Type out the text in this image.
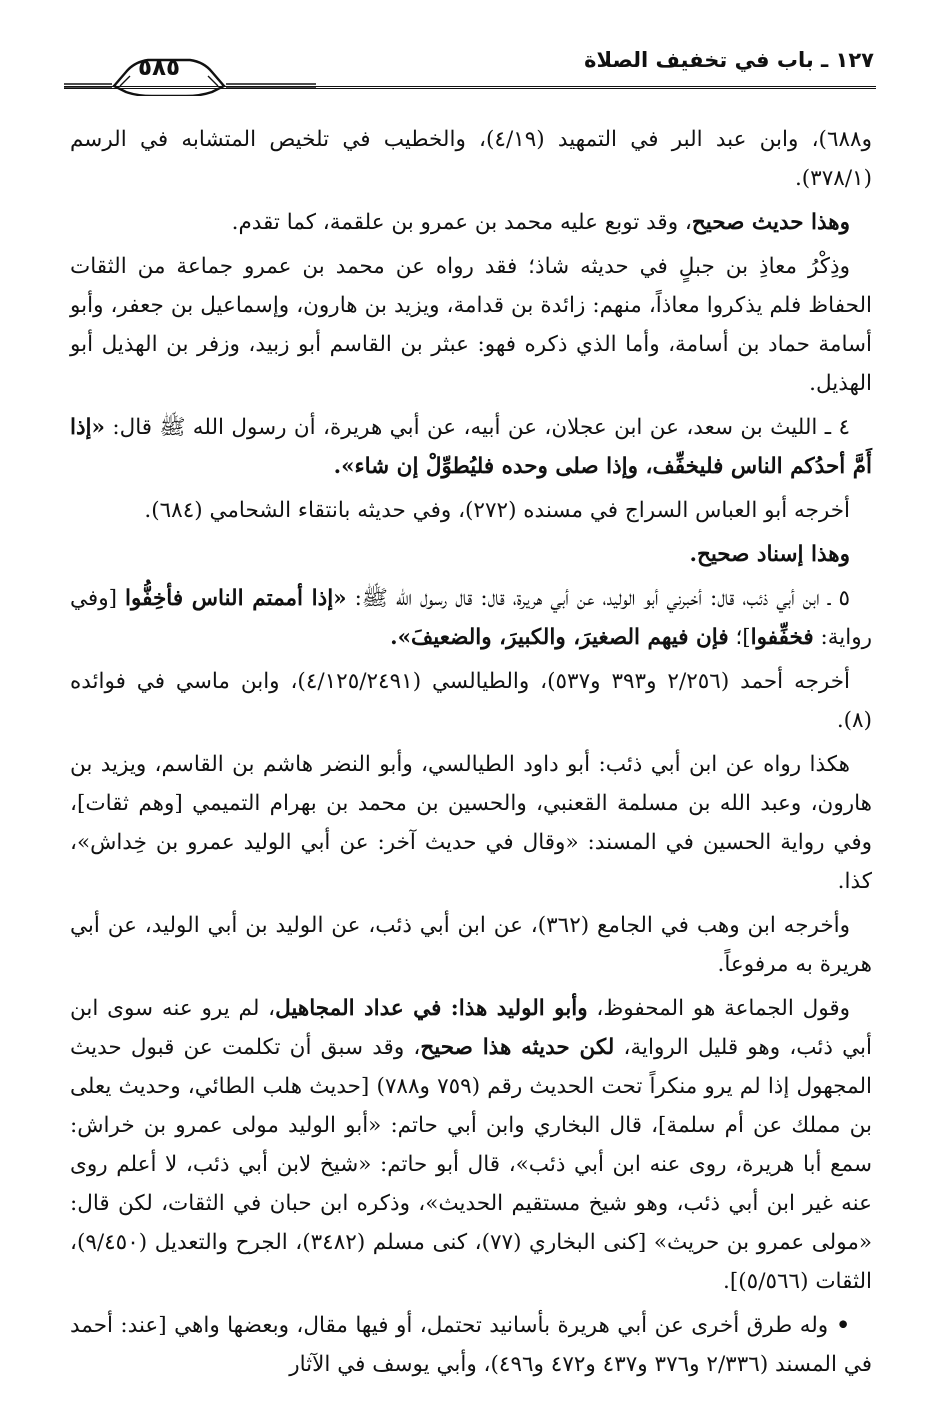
١٢٧ ـ باب في تخفيف الصلاة
٥٨٥

و٦٨٨)، وابن عبد البر في التمهيد (٤/١٩)، والخطيب في تلخيص المتشابه في الرسم (٣٧٨/١).

وهذا حديث صحيح، وقد توبع عليه محمد بن عمرو بن علقمة، كما تقدم.

وذِكْرُ معاذِ بن جبلٍ في حديثه شاذ؛ فقد رواه عن محمد بن عمرو جماعة من الثقات الحفاظ فلم يذكروا معاذاً، منهم: زائدة بن قدامة، ويزيد بن هارون، وإسماعيل بن جعفر، وأبو أسامة حماد بن أسامة، وأما الذي ذكره فهو: عبثر بن القاسم أبو زبيد، وزفر بن الهذيل أبو الهذيل.

٤ ـ الليث بن سعد، عن ابن عجلان، عن أبيه، عن أبي هريرة، أن رسول الله ﷺ قال: «إذا أَمَّ أحدُكم الناس فليخفِّف، وإذا صلى وحده فليُطوِّلْ إن شاء».

أخرجه أبو العباس السراج في مسنده (٢٧٢)، وفي حديثه بانتقاء الشحامي (٦٨٤).

وهذا إسناد صحيح.

٥ ـ ابن أبي ذئب، قال: أخبرني أبو الوليد، عن أبي هريرة، قال: قال رسول الله ﷺ: «إذا أممتم الناس فأخِفُّوا [وفي رواية: فخفِّفوا]؛ فإن فيهم الصغيرَ، والكبيرَ، والضعيفَ».

أخرجه أحمد (٢/٢٥٦ و٣٩٣ و٥٣٧)، والطيالسي (٤/١٢٥/٢٤٩١)، وابن ماسي في فوائده (٨).

هكذا رواه عن ابن أبي ذئب: أبو داود الطيالسي، وأبو النضر هاشم بن القاسم، ويزيد بن هارون، وعبد الله بن مسلمة القعنبي، والحسين بن محمد بن بهرام التميمي [وهم ثقات]، وفي رواية الحسين في المسند: «وقال في حديث آخر: عن أبي الوليد عمرو بن خِداش»، كذا.

وأخرجه ابن وهب في الجامع (٣٦٢)، عن ابن أبي ذئب، عن الوليد بن أبي الوليد، عن أبي هريرة به مرفوعاً.

وقول الجماعة هو المحفوظ، وأبو الوليد هذا: في عداد المجاهيل، لم يرو عنه سوى ابن أبي ذئب، وهو قليل الرواية، لكن حديثه هذا صحيح، وقد سبق أن تكلمت عن قبول حديث المجهول إذا لم يرو منكراً تحت الحديث رقم (٧٥٩ و٧٨٨) [حديث هلب الطائي، وحديث يعلى بن مملك عن أم سلمة]، قال البخاري وابن أبي حاتم: «أبو الوليد مولى عمرو بن خراش: سمع أبا هريرة، روى عنه ابن أبي ذئب»، قال أبو حاتم: «شيخ لابن أبي ذئب، لا أعلم روى عنه غير ابن أبي ذئب، وهو شيخ مستقيم الحديث»، وذكره ابن حبان في الثقات، لكن قال: «مولى عمرو بن حريث» [كنى البخاري (٧٧)، كنى مسلم (٣٤٨٢)، الجرح والتعديل (٩/٤٥٠)، الثقات (٥/٥٦٦)].

• وله طرق أخرى عن أبي هريرة بأسانيد تحتمل، أو فيها مقال، وبعضها واهي [عند: أحمد في المسند (٢/٣٣٦ و٣٧٦ و٤٣٧ و٤٧٢ و٤٩٦)، وأبي يوسف في الآثار
